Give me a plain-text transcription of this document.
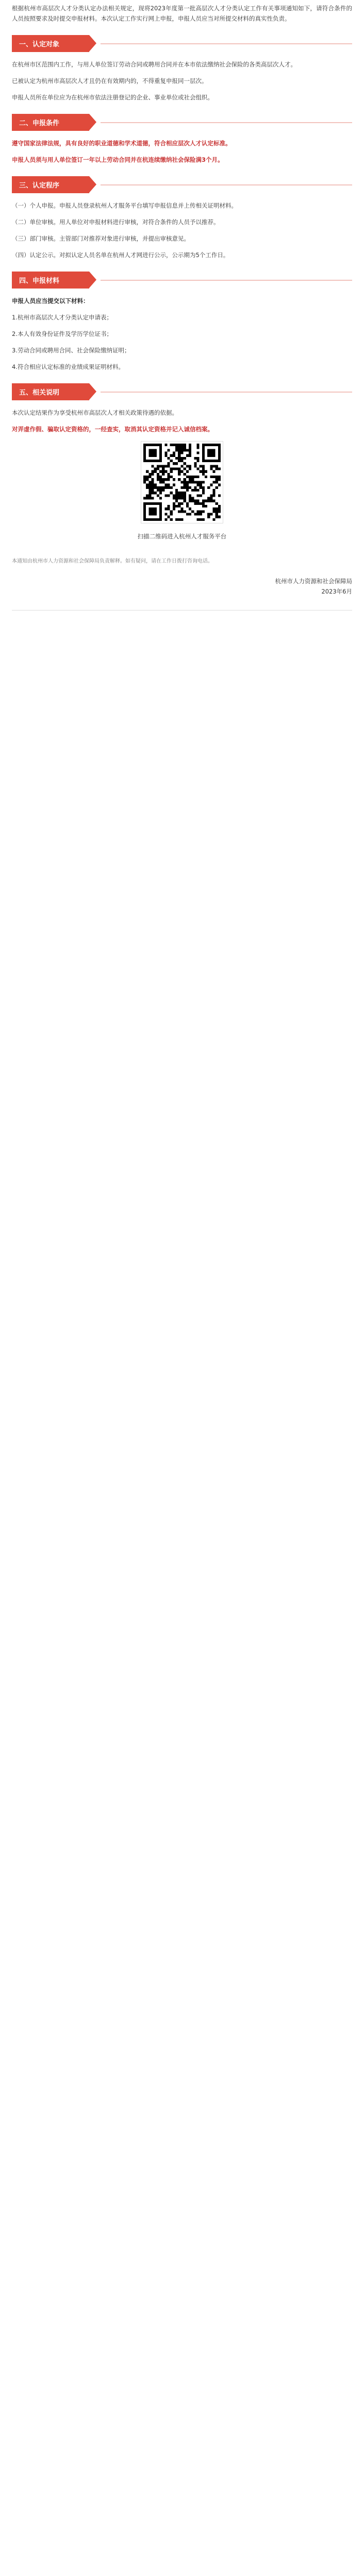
根据杭州市高层次人才分类认定办法相关规定，现将2023年度第一批高层次人才分类认定工作有关事项通知如下，请符合条件的人员按照要求及时提交申报材料。本次认定工作实行网上申报，申报人员应当对所提交材料的真实性负责。

一、认定对象

在杭州市区范围内工作，与用人单位签订劳动合同或聘用合同并在本市依法缴纳社会保险的各类高层次人才。

已被认定为杭州市高层次人才且仍在有效期内的，不得重复申报同一层次。

申报人员所在单位应为在杭州市依法注册登记的企业、事业单位或社会组织。

二、申报条件

遵守国家法律法规，具有良好的职业道德和学术道德，符合相应层次人才认定标准。

申报人员须与用人单位签订一年以上劳动合同并在杭连续缴纳社会保险满3个月。

三、认定程序

（一）个人申报。申报人员登录杭州人才服务平台填写申报信息并上传相关证明材料。

（二）单位审核。用人单位对申报材料进行审核，对符合条件的人员予以推荐。

（三）部门审核。主管部门对推荐对象进行审核，并提出审核意见。

（四）认定公示。对拟认定人员名单在杭州人才网进行公示，公示期为5个工作日。

四、申报材料

申报人员应当提交以下材料：

1.杭州市高层次人才分类认定申请表；

2.本人有效身份证件及学历学位证书；

3.劳动合同或聘用合同、社会保险缴纳证明；

4.符合相应认定标准的业绩成果证明材料。

五、相关说明

本次认定结果作为享受杭州市高层次人才相关政策待遇的依据。

对弄虚作假、骗取认定资格的，一经查实，取消其认定资格并记入诚信档案。

扫描二维码进入杭州人才服务平台

本通知由杭州市人力资源和社会保障局负责解释。如有疑问，请在工作日拨打咨询电话。

杭州市人力资源和社会保障局
2023年6月
